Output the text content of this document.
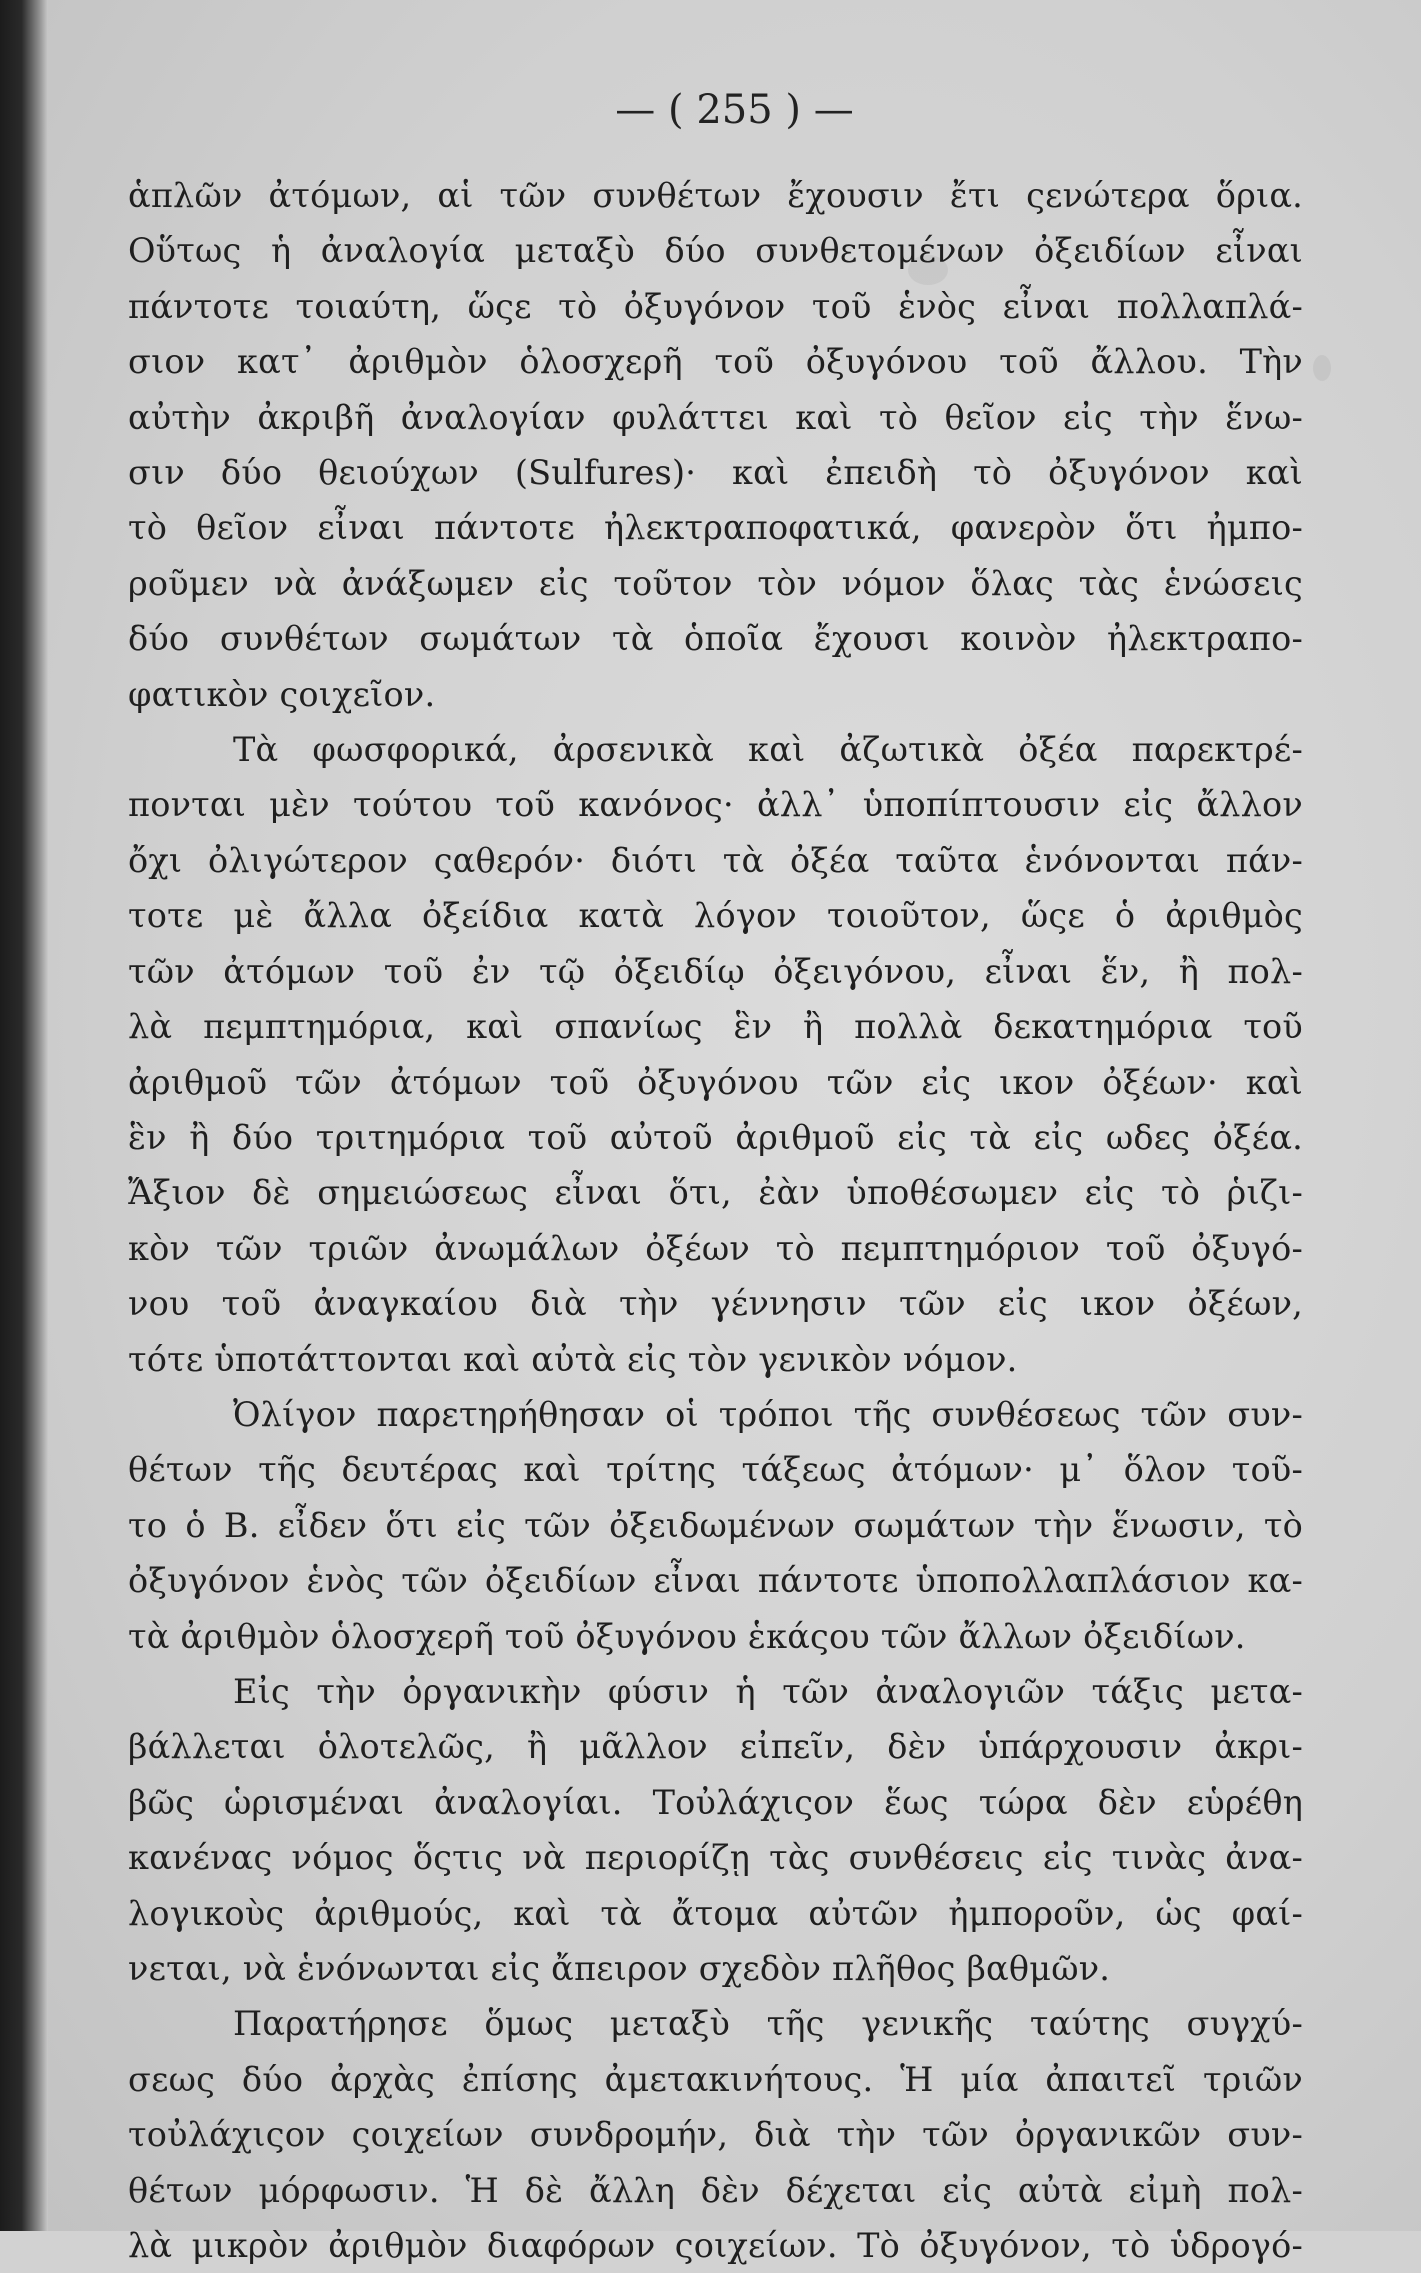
— ( 255 ) —
ἁπλῶν ἀτόμων, αἱ τῶν συνθέτων ἔχουσιν ἔτι ςενώτερα ὅρια.
Οὕτως ἡ ἀναλογία μεταξὺ δύο συνθετομένων ὀξειδίων εἶναι
πάντοτε τοιαύτη, ὥςε τὸ ὀξυγόνον τοῦ ἑνὸς εἶναι πολλαπλά-
σιον κατ᾽ ἀριθμὸν ὁλοσχερῆ τοῦ ὀξυγόνου τοῦ ἄλλου. Τὴν
αὐτὴν ἀκριβῆ ἀναλογίαν φυλάττει καὶ τὸ θεῖον εἰς τὴν ἕνω-
σιν δύο θειούχων (Sulfures)· καὶ ἐπειδὴ τὸ ὀξυγόνον καὶ
τὸ θεῖον εἶναι πάντοτε ἠλεκτραποφατικά, φανερὸν ὅτι ἠμπο-
ροῦμεν νὰ ἀνάξωμεν εἰς τοῦτον τὸν νόμον ὅλας τὰς ἑνώσεις
δύο συνθέτων σωμάτων τὰ ὁποῖα ἔχουσι κοινὸν ἠλεκτραπο-
φατικὸν ςοιχεῖον.
Τὰ φωσφορικά, ἀρσενικὰ καὶ ἀζωτικὰ ὀξέα παρεκτρέ-
πονται μὲν τούτου τοῦ κανόνος· ἀλλ᾽ ὑποπίπτουσιν εἰς ἄλλον
ὄχι ὀλιγώτερον ςαθερόν· διότι τὰ ὀξέα ταῦτα ἑνόνονται πάν-
τοτε μὲ ἄλλα ὀξείδια κατὰ λόγον τοιοῦτον, ὥςε ὁ ἀριθμὸς
τῶν ἀτόμων τοῦ ἐν τῷ ὀξειδίῳ ὀξειγόνου, εἶναι ἕν, ἢ πολ-
λὰ πεμπτημόρια, καὶ σπανίως ἓν ἢ πολλὰ δεκατημόρια τοῦ
ἀριθμοῦ τῶν ἀτόμων τοῦ ὀξυγόνου τῶν εἰς ικον ὀξέων· καὶ
ἓν ἢ δύο τριτημόρια τοῦ αὐτοῦ ἀριθμοῦ εἰς τὰ εἰς ωδες ὀξέα.
Ἄξιον δὲ σημειώσεως εἶναι ὅτι, ἐὰν ὑποθέσωμεν εἰς τὸ ῥιζι-
κὸν τῶν τριῶν ἀνωμάλων ὀξέων τὸ πεμπτημόριον τοῦ ὀξυγό-
νου τοῦ ἀναγκαίου διὰ τὴν γέννησιν τῶν εἰς ικον ὀξέων,
τότε ὑποτάττονται καὶ αὐτὰ εἰς τὸν γενικὸν νόμον.
Ὀλίγον παρετηρήθησαν οἱ τρόποι τῆς συνθέσεως τῶν συν-
θέτων τῆς δευτέρας καὶ τρίτης τάξεως ἀτόμων· μ᾽ ὅλον τοῦ-
το ὁ Β. εἶδεν ὅτι εἰς τῶν ὀξειδωμένων σωμάτων τὴν ἕνωσιν, τὸ
ὀξυγόνον ἑνὸς τῶν ὀξειδίων εἶναι πάντοτε ὑποπολλαπλάσιον κα-
τὰ ἀριθμὸν ὁλοσχερῆ τοῦ ὀξυγόνου ἑκάςου τῶν ἄλλων ὀξειδίων.
Εἰς τὴν ὀργανικὴν φύσιν ἡ τῶν ἀναλογιῶν τάξις μετα-
βάλλεται ὁλοτελῶς, ἢ μᾶλλον εἰπεῖν, δὲν ὑπάρχουσιν ἀκρι-
βῶς ὡρισμέναι ἀναλογίαι. Τοὐλάχιςον ἕως τώρα δὲν εὑρέθη
κανένας νόμος ὅςτις νὰ περιορίζῃ τὰς συνθέσεις εἰς τινὰς ἀνα-
λογικοὺς ἀριθμούς, καὶ τὰ ἄτομα αὐτῶν ἠμποροῦν, ὡς φαί-
νεται, νὰ ἑνόνωνται εἰς ἄπειρον σχεδὸν πλῆθος βαθμῶν.
Παρατήρησε ὅμως μεταξὺ τῆς γενικῆς ταύτης συγχύ-
σεως δύο ἀρχὰς ἐπίσης ἀμετακινήτους. Ἡ μία ἀπαιτεῖ τριῶν
τοὐλάχιςον ςοιχείων συνδρομήν, διὰ τὴν τῶν ὀργανικῶν συν-
θέτων μόρφωσιν. Ἡ δὲ ἄλλη δὲν δέχεται εἰς αὐτὰ εἰμὴ πολ-
λὰ μικρὸν ἀριθμὸν διαφόρων ςοιχείων. Τὸ ὀξυγόνον, τὸ ὑδρογό-
